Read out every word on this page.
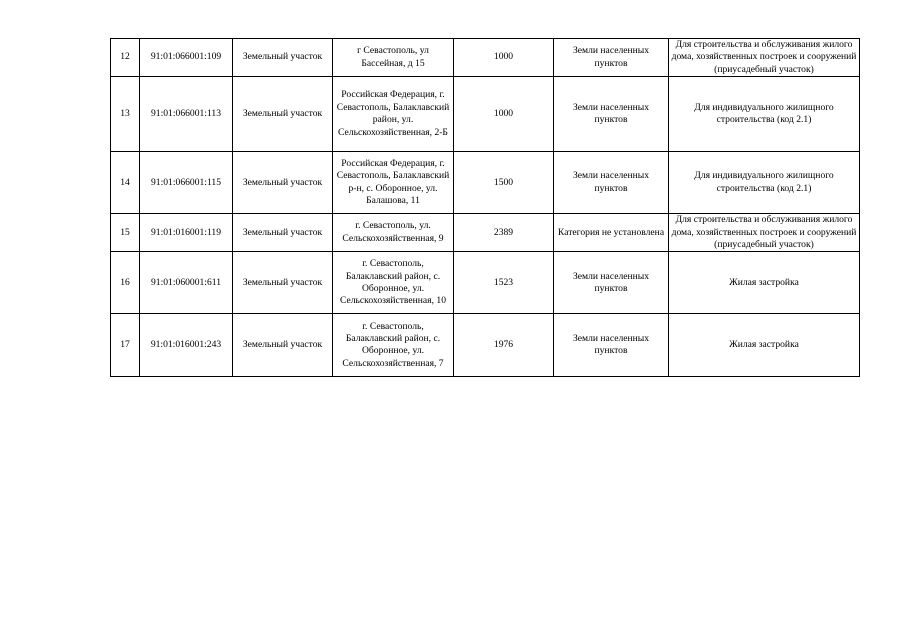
12	91:01:066001:109	Земельный участок	г Севастополь, ул Бассейная, д 15	1000	Земли населенных пунктов	Для строительства и обслуживания жилого дома, хозяйственных построек и сооружений (приусадебный участок)
13	91:01:066001:113	Земельный участок	Российская Федерация, г. Севастополь, Балаклавский район, ул. Сельскохозяйственная, 2-Б	1000	Земли населенных пунктов	Для индивидуального жилищного строительства (код 2.1)
14	91:01:066001:115	Земельный участок	Российская Федерация, г. Севастополь, Балаклавский р-н, с. Оборонное, ул. Балашова, 11	1500	Земли населенных пунктов	Для индивидуального жилищного строительства (код 2.1)
15	91:01:016001:119	Земельный участок	г. Севастополь, ул. Сельскохозяйственная, 9	2389	Категория не установлена	Для строительства и обслуживания жилого дома, хозяйственных построек и сооружений (приусадебный участок)
16	91:01:060001:611	Земельный участок	г. Севастополь, Балаклавский район, с. Оборонное, ул. Сельскохозяйственная, 10	1523	Земли населенных пунктов	Жилая застройка
17	91:01:016001:243	Земельный участок	г. Севастополь, Балаклавский район, с. Оборонное, ул. Сельскохозяйственная, 7	1976	Земли населенных пунктов	Жилая застройка
